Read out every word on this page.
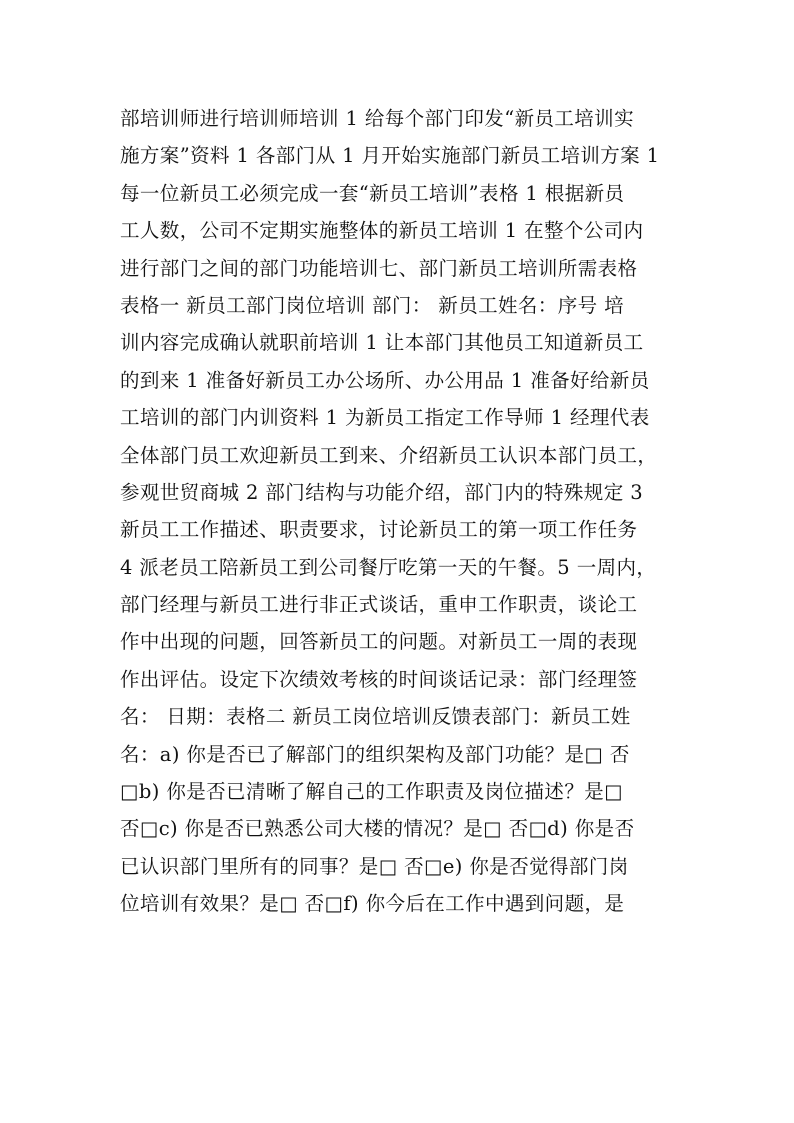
部培训师进行培训师培训 1 给每个部门印发“新员工培训实
施方案”资料 1 各部门从 1 月开始实施部门新员工培训方案 1
每一位新员工必须完成一套“新员工培训”表格 1 根据新员
工人数，公司不定期实施整体的新员工培训 1 在整个公司内
进行部门之间的部门功能培训七、部门新员工培训所需表格
表格一 新员工部门岗位培训 部门： 新员工姓名：序号 培
训内容完成确认就职前培训 1 让本部门其他员工知道新员工
的到来 1 准备好新员工办公场所、办公用品 1 准备好给新员
工培训的部门内训资料 1 为新员工指定工作导师 1 经理代表
全体部门员工欢迎新员工到来、介绍新员工认识本部门员工，
参观世贸商城 2 部门结构与功能介绍，部门内的特殊规定 3
新员工工作描述、职责要求，讨论新员工的第一项工作任务
4 派老员工陪新员工到公司餐厅吃第一天的午餐。5 一周内，
部门经理与新员工进行非正式谈话，重申工作职责，谈论工
作中出现的问题，回答新员工的问题。对新员工一周的表现
作出评估。设定下次绩效考核的时间谈话记录：部门经理签
名： 日期：表格二 新员工岗位培训反馈表部门：新员工姓
名：a) 你是否已了解部门的组织架构及部门功能？是□ 否
□b) 你是否已清晰了解自己的工作职责及岗位描述？是□
否□c) 你是否已熟悉公司大楼的情况？是□ 否□d) 你是否
已认识部门里所有的同事？是□ 否□e) 你是否觉得部门岗
位培训有效果？是□ 否□f) 你今后在工作中遇到问题，是
